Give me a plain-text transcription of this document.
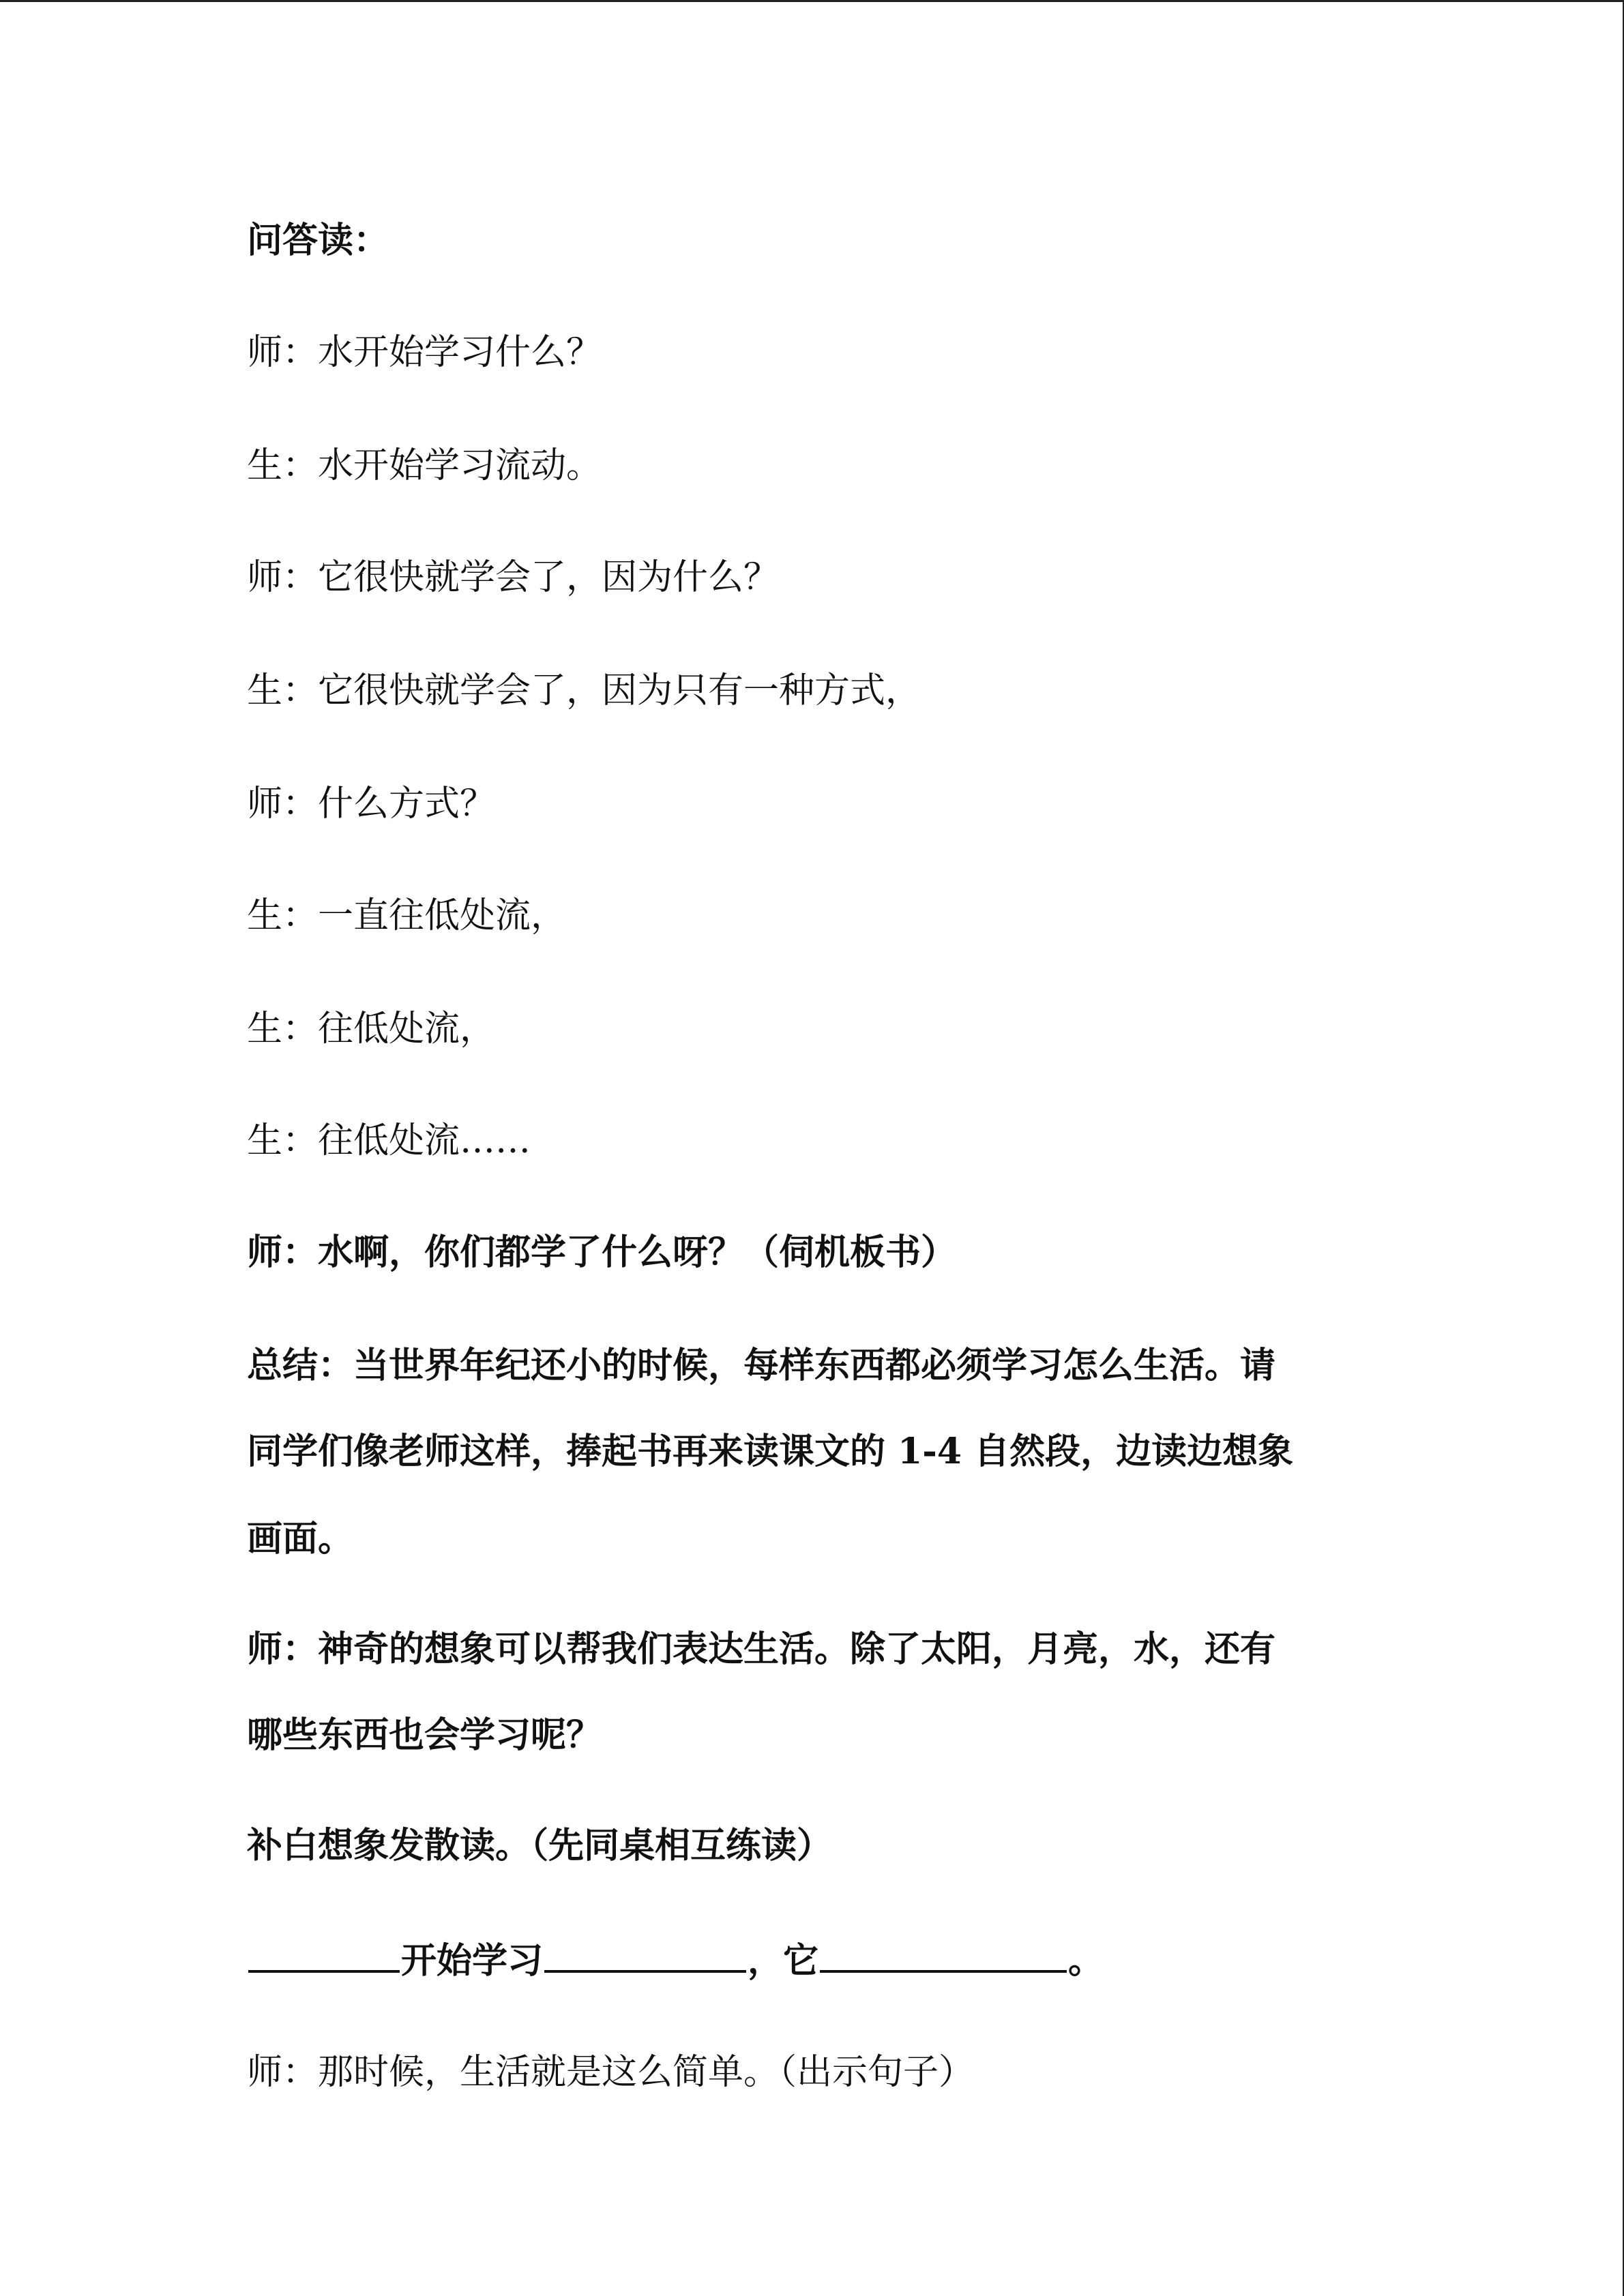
问答读：
师：水开始学习什么？
生：水开始学习流动。
师：它很快就学会了，因为什么？
生：它很快就学会了，因为只有一种方式，
师：什么方式？
生：一直往低处流，
生：往低处流，
生：往低处流……
师：水啊，你们都学了什么呀？（伺机板书）
总结：当世界年纪还小的时候，每样东西都必须学习怎么生活。请
同学们像老师这样，捧起书再来读课文的 1-4 自然段，边读边想象
画面。
师：神奇的想象可以帮我们表达生活。除了太阳，月亮，水，还有
哪些东西也会学习呢？
补白想象发散读。（先同桌相互练读）
开始学习	，它	。
师：那时候，生活就是这么简单。（出示句子）
